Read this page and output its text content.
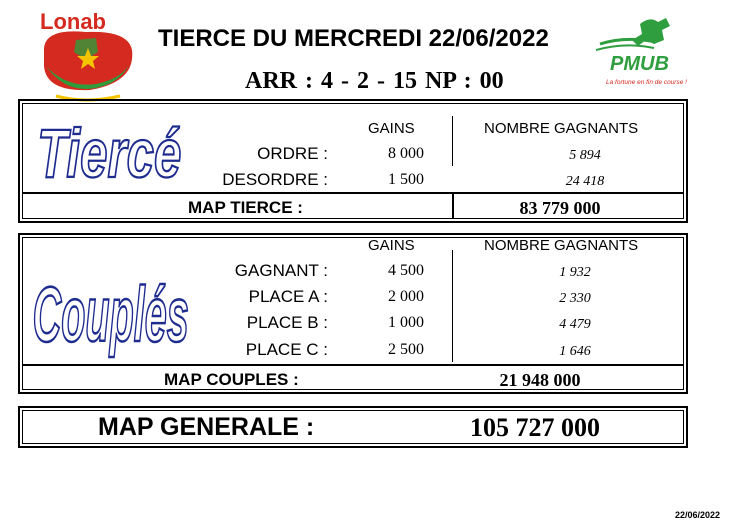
Lonab
TIERCE DU MERCREDI 22/06/2022
ARR : 4 - 2 - 15 NP : 00
PMUB
La fortune en fin de course !
Tiercé	GAINS	NOMBRE GAGNANTS
ORDRE :	8 000	5 894
DESORDRE :	1 500	24 418
MAP TIERCE :	83 779 000
Couplés
GAINS	NOMBRE GAGNANTS
GAGNANT :	4 500	1 932
PLACE A :	2 000	2 330
PLACE B :	1 000	4 479
PLACE C :	2 500	1 646
MAP COUPLES :	21 948 000
MAP GENERALE :	105 727 000
22/06/2022
